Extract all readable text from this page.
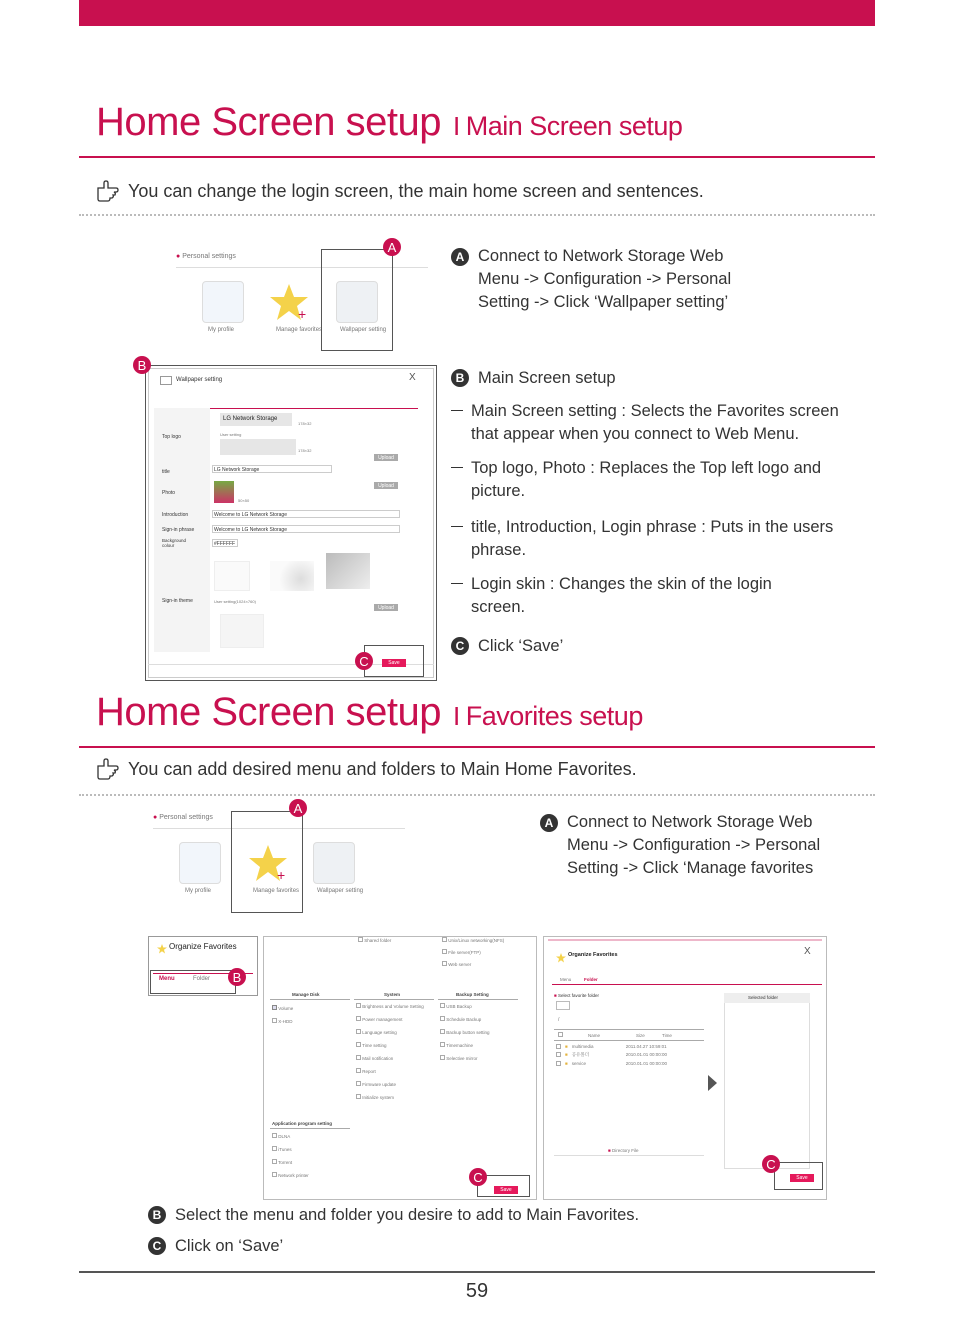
Home Screen setup I Main Screen setup
You can change the login screen, the main home screen and sentences.
● Personal settings
My profile
+
Manage favorites	Wallpaper setting
A
Wallpaper setting	X
Top logo
LG Network Storage
178×32
User setting
178×32
Upload
title	LG Network Storage
Photo
50×50
Upload
Introduction	Welcome to LG Network Storage
Sign-in phrase	Welcome to LG Network Storage
Background colour	#FFFFFF
Sign-in theme	User setting(1024×760)
Upload
Save
B
C
A Connect to Network Storage Web Menu -> Configuration -> Personal Setting -> Click ‘Wallpaper setting’
B Main Screen setup
Main Screen setting : Selects the Favorites screen that appear when you connect to Web Menu.
Top logo, Photo : Replaces the Top left logo and picture.
title, Introduction, Login phrase : Puts in the users phrase.
Login skin : Changes the skin of the login screen.
C Click ‘Save’
Home Screen setup I Favorites setup
You can add desired menu and folders to Main Home Favorites.
● Personal settings
My profile
+
Manage favorites	Wallpaper setting
A
A Connect to Network Storage Web Menu -> Configuration -> Personal Setting -> Click ‘Manage favorites
Organize Favorites
Menu	Folder	B
Shared folder	Unix/Linux networking(NFS)
File server(FTP)
Web server
Manage Disk
Volume
X-HDD
System
Brightness and Volume Setting
Power management
Language setting
Time setting
Mail notification
Report
Firmware update
Initialize system
Backup Setting
USB Backup
Schedule Backup
Backup button setting
Timemachine
Selective mirror
Application program setting
DLNA
iTunes
Torrent
Network printer
Save
C
Organize Favorites	X
Menu	Folder
■ Select favorite folder
/
Name	Size	Time
■ multimedia	2011.04.27 10:59:01
■ 공유폴더	2010.01.01 00:00:00
■ service	2010.01.01 00:00:00
■ Directory File
Selected folder
Save
C
B Select the menu and folder you desire to add to Main Favorites.
C Click on ‘Save’
59
